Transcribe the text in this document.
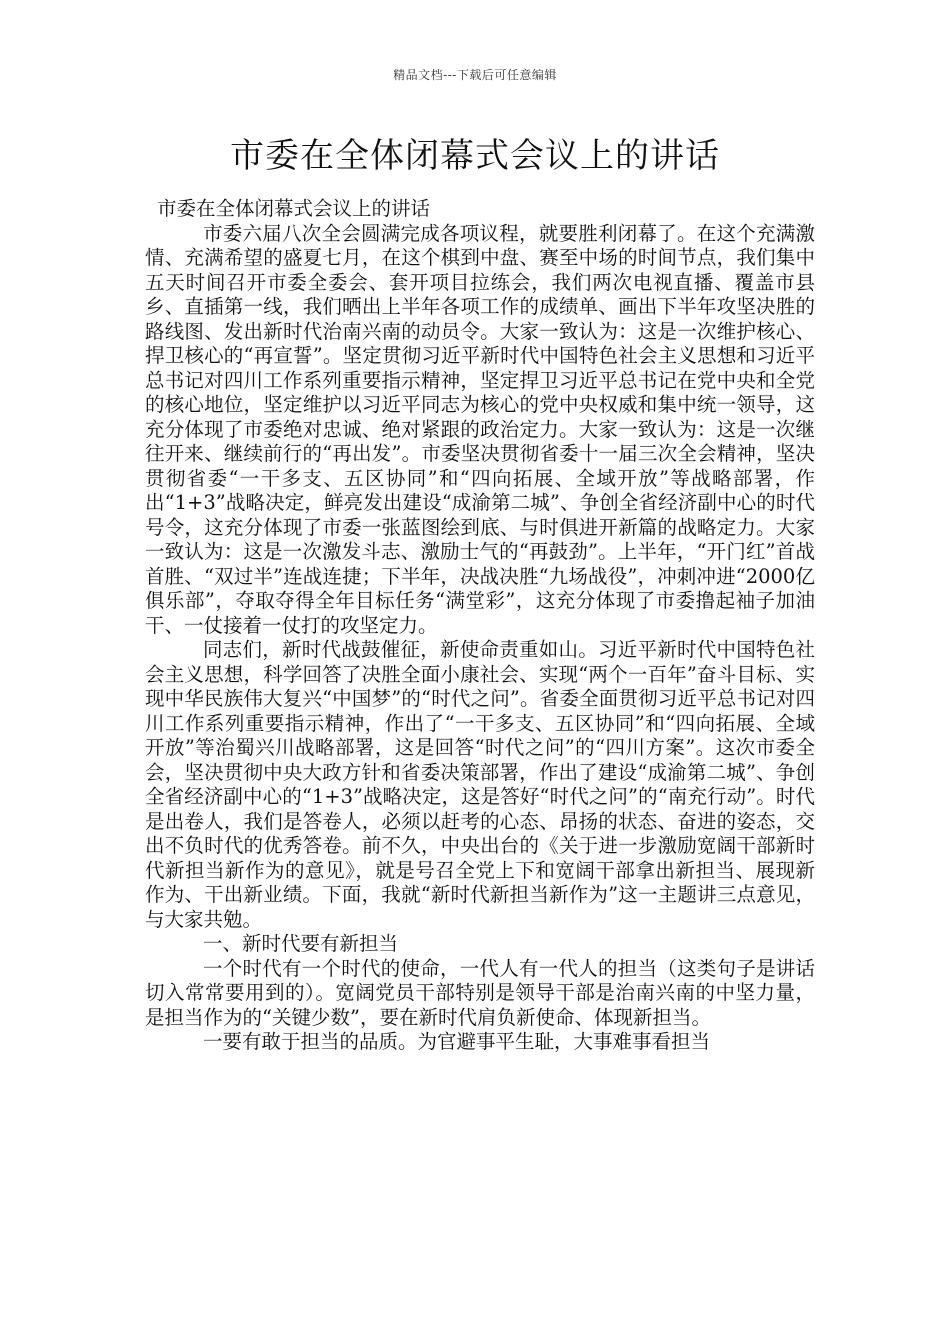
精品文档---下载后可任意编辑
市委在全体闭幕式会议上的讲话

市委在全体闭幕式会议上的讲话

市委六届八次全会圆满完成各项议程，就要胜利闭幕了。在这个充满激情、充满希望的盛夏七月，在这个棋到中盘、赛至中场的时间节点，我们集中五天时间召开市委全委会、套开项目拉练会，我们两次电视直播、覆盖市县乡、直插第一线，我们晒出上半年各项工作的成绩单、画出下半年攻坚决胜的路线图、发出新时代治南兴南的动员令。大家一致认为：这是一次维护核心、捍卫核心的“再宣誓”。坚定贯彻习近平新时代中国特色社会主义思想和习近平总书记对四川工作系列重要指示精神，坚定捍卫习近平总书记在党中央和全党的核心地位，坚定维护以习近平同志为核心的党中央权威和集中统一领导，这充分体现了市委绝对忠诚、绝对紧跟的政治定力。大家一致认为：这是一次继往开来、继续前行的“再出发”。市委坚决贯彻省委十一届三次全会精神，坚决贯彻省委“一干多支、五区协同”和“四向拓展、全域开放”等战略部署，作出“1+3”战略决定，鲜亮发出建设“成渝第二城”、争创全省经济副中心的时代号令，这充分体现了市委一张蓝图绘到底、与时俱进开新篇的战略定力。大家一致认为：这是一次激发斗志、激励士气的“再鼓劲”。上半年，“开门红”首战首胜、“双过半”连战连捷；下半年，决战决胜“九场战役”，冲刺冲进“2000亿俱乐部”，夺取夺得全年目标任务“满堂彩”，这充分体现了市委撸起袖子加油干、一仗接着一仗打的攻坚定力。

同志们，新时代战鼓催征，新使命责重如山。习近平新时代中国特色社会主义思想，科学回答了决胜全面小康社会、实现“两个一百年”奋斗目标、实现中华民族伟大复兴“中国梦”的“时代之问”。省委全面贯彻习近平总书记对四川工作系列重要指示精神，作出了“一干多支、五区协同”和“四向拓展、全域开放”等治蜀兴川战略部署，这是回答“时代之问”的“四川方案”。这次市委全会，坚决贯彻中央大政方针和省委决策部署，作出了建设“成渝第二城”、争创全省经济副中心的“1+3”战略决定，这是答好“时代之问”的“南充行动”。时代是出卷人，我们是答卷人，必须以赶考的心态、昂扬的状态、奋进的姿态，交出不负时代的优秀答卷。前不久，中央出台的《关于进一步激励宽阔干部新时代新担当新作为的意见》，就是号召全党上下和宽阔干部拿出新担当、展现新作为、干出新业绩。下面，我就“新时代新担当新作为”这一主题讲三点意见，与大家共勉。

一、新时代要有新担当

一个时代有一个时代的使命，一代人有一代人的担当（这类句子是讲话切入常常要用到的）。宽阔党员干部特别是领导干部是治南兴南的中坚力量，是担当作为的“关键少数”，要在新时代肩负新使命、体现新担当。

一要有敢于担当的品质。为官避事平生耻，大事难事看担当
